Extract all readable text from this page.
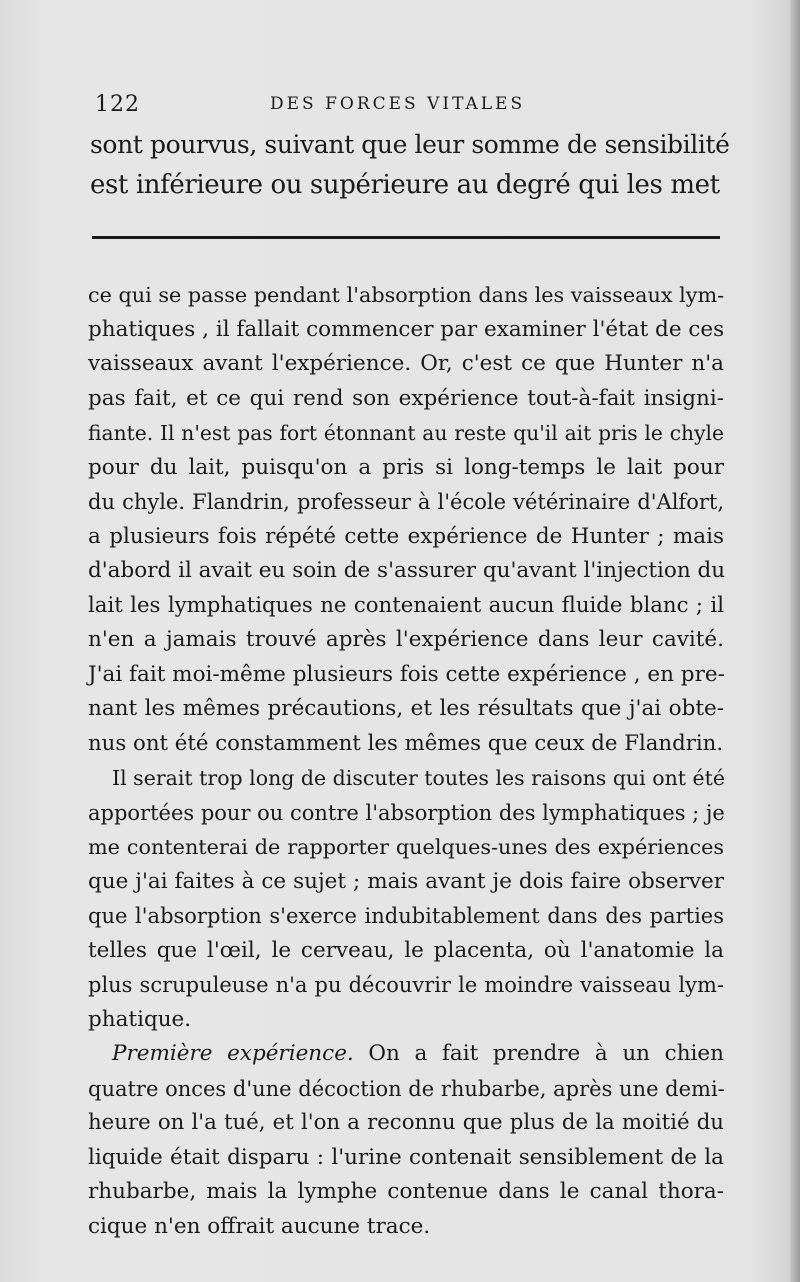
122	DES FORCES VITALES
sont pourvus, suivant que leur somme de sensibilité
est inférieure ou supérieure au degré qui les met
ce qui se passe pendant l'absorption dans les vaisseaux lym-
phatiques , il fallait commencer par examiner l'état de ces
vaisseaux avant l'expérience. Or, c'est ce que Hunter n'a
pas fait, et ce qui rend son expérience tout-à-fait insigni-
fiante. Il n'est pas fort étonnant au reste qu'il ait pris le chyle
pour du lait, puisqu'on a pris si long-temps le lait pour
du chyle. Flandrin, professeur à l'école vétérinaire d'Alfort,
a plusieurs fois répété cette expérience de Hunter ; mais
d'abord il avait eu soin de s'assurer qu'avant l'injection du
lait les lymphatiques ne contenaient aucun fluide blanc ; il
n'en a jamais trouvé après l'expérience dans leur cavité.
J'ai fait moi-même plusieurs fois cette expérience , en pre-
nant les mêmes précautions, et les résultats que j'ai obte-
nus ont été constamment les mêmes que ceux de Flandrin.
Il serait trop long de discuter toutes les raisons qui ont été
apportées pour ou contre l'absorption des lymphatiques ; je
me contenterai de rapporter quelques-unes des expériences
que j'ai faites à ce sujet ; mais avant je dois faire observer
que l'absorption s'exerce indubitablement dans des parties
telles que l'œil, le cerveau, le placenta, où l'anatomie la
plus scrupuleuse n'a pu découvrir le moindre vaisseau lym-
phatique.
Première expérience. On a fait prendre à un chien
quatre onces d'une décoction de rhubarbe, après une demi-
heure on l'a tué, et l'on a reconnu que plus de la moitié du
liquide était disparu : l'urine contenait sensiblement de la
rhubarbe, mais la lymphe contenue dans le canal thora-
cique n'en offrait aucune trace.
